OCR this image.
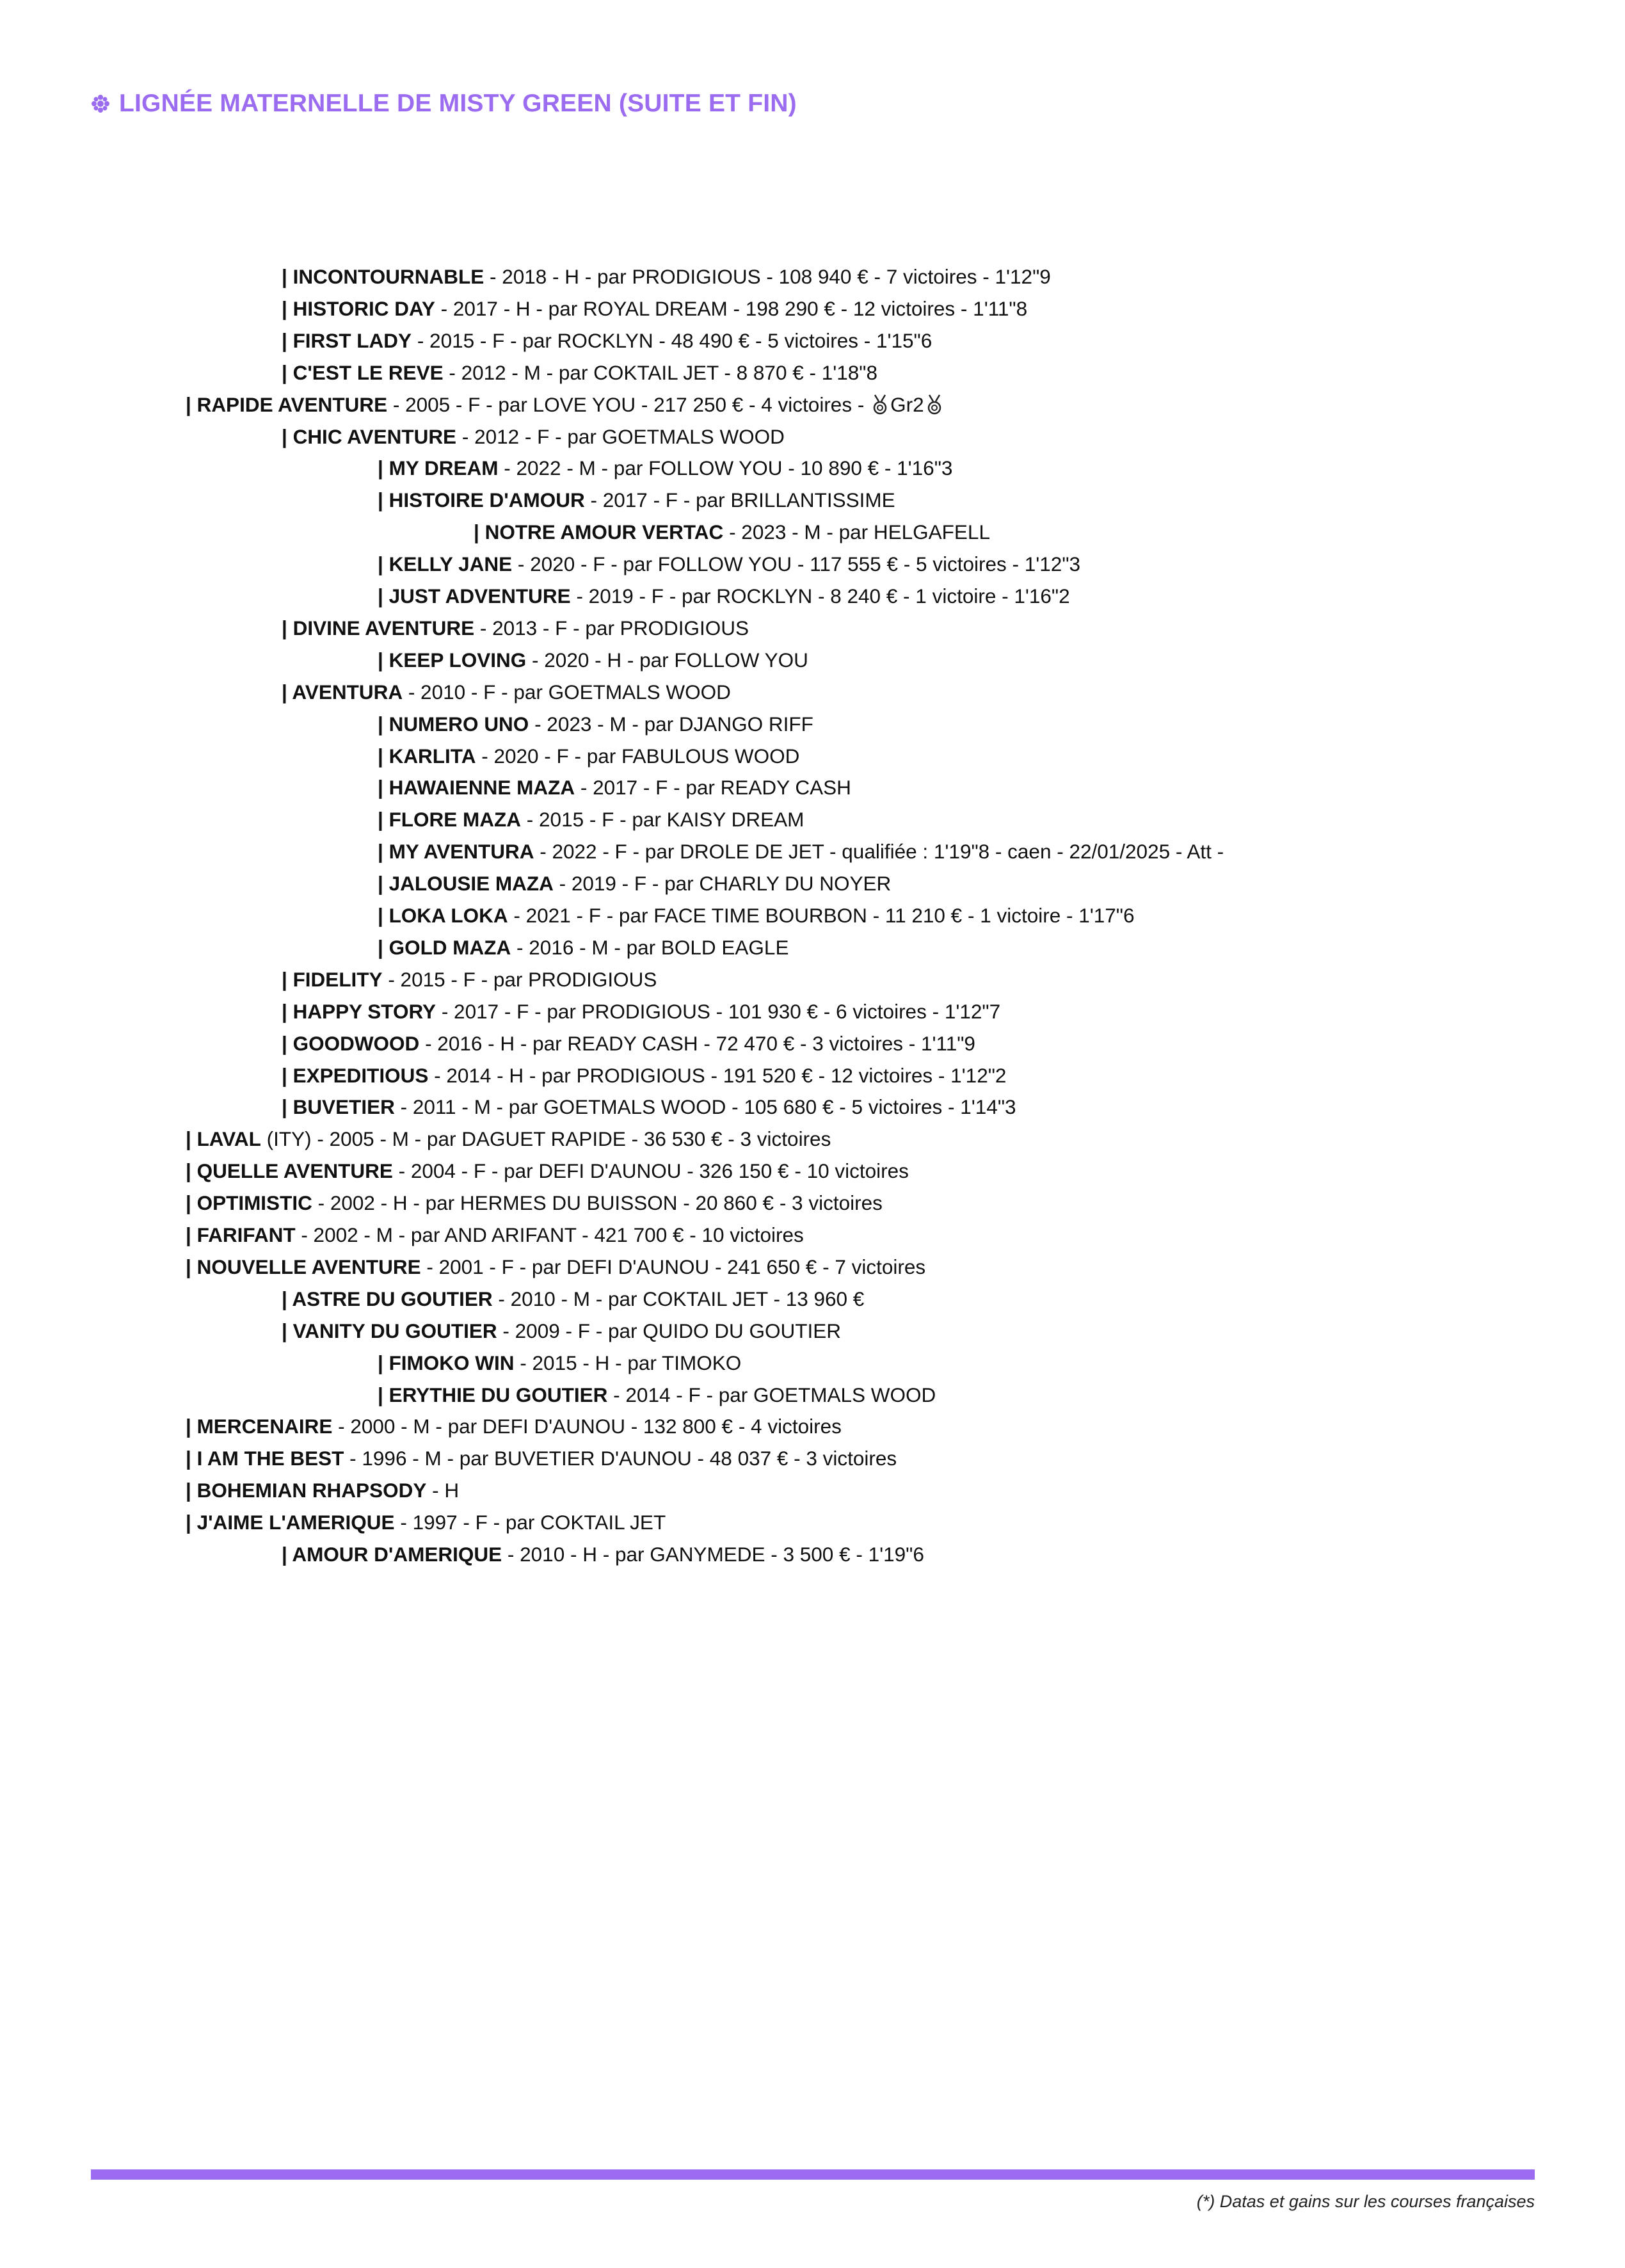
LIGNÉE MATERNELLE DE MISTY GREEN (SUITE ET FIN)
| INCONTOURNABLE - 2018 - H - par PRODIGIOUS - 108 940 € - 7 victoires - 1'12"9
| HISTORIC DAY - 2017 - H - par ROYAL DREAM - 198 290 € - 12 victoires - 1'11"8
| FIRST LADY - 2015 - F - par ROCKLYN - 48 490 € - 5 victoires - 1'15"6
| C'EST LE REVE - 2012 - M - par COKTAIL JET - 8 870 € - 1'18"8
| RAPIDE AVENTURE - 2005 - F - par LOVE YOU - 217 250 € - 4 victoires - Gr2
| CHIC AVENTURE - 2012 - F - par GOETMALS WOOD
| MY DREAM - 2022 - M - par FOLLOW YOU - 10 890 € - 1'16"3
| HISTOIRE D'AMOUR - 2017 - F - par BRILLANTISSIME
| NOTRE AMOUR VERTAC - 2023 - M - par HELGAFELL
| KELLY JANE - 2020 - F - par FOLLOW YOU - 117 555 € - 5 victoires - 1'12"3
| JUST ADVENTURE - 2019 - F - par ROCKLYN - 8 240 € - 1 victoire - 1'16"2
| DIVINE AVENTURE - 2013 - F - par PRODIGIOUS
| KEEP LOVING - 2020 - H - par FOLLOW YOU
| AVENTURA - 2010 - F - par GOETMALS WOOD
| NUMERO UNO - 2023 - M - par DJANGO RIFF
| KARLITA - 2020 - F - par FABULOUS WOOD
| HAWAIENNE MAZA - 2017 - F - par READY CASH
| FLORE MAZA - 2015 - F - par KAISY DREAM
| MY AVENTURA - 2022 - F - par DROLE DE JET - qualifiée : 1'19"8 - caen - 22/01/2025 - Att -
| JALOUSIE MAZA - 2019 - F - par CHARLY DU NOYER
| LOKA LOKA - 2021 - F - par FACE TIME BOURBON - 11 210 € - 1 victoire - 1'17"6
| GOLD MAZA - 2016 - M - par BOLD EAGLE
| FIDELITY - 2015 - F - par PRODIGIOUS
| HAPPY STORY - 2017 - F - par PRODIGIOUS - 101 930 € - 6 victoires - 1'12"7
| GOODWOOD - 2016 - H - par READY CASH - 72 470 € - 3 victoires - 1'11"9
| EXPEDITIOUS - 2014 - H - par PRODIGIOUS - 191 520 € - 12 victoires - 1'12"2
| BUVETIER - 2011 - M - par GOETMALS WOOD - 105 680 € - 5 victoires - 1'14"3
| LAVAL (ITY) - 2005 - M - par DAGUET RAPIDE - 36 530 € - 3 victoires
| QUELLE AVENTURE - 2004 - F - par DEFI D'AUNOU - 326 150 € - 10 victoires
| OPTIMISTIC - 2002 - H - par HERMES DU BUISSON - 20 860 € - 3 victoires
| FARIFANT - 2002 - M - par AND ARIFANT - 421 700 € - 10 victoires
| NOUVELLE AVENTURE - 2001 - F - par DEFI D'AUNOU - 241 650 € - 7 victoires
| ASTRE DU GOUTIER - 2010 - M - par COKTAIL JET - 13 960 €
| VANITY DU GOUTIER - 2009 - F - par QUIDO DU GOUTIER
| FIMOKO WIN - 2015 - H - par TIMOKO
| ERYTHIE DU GOUTIER - 2014 - F - par GOETMALS WOOD
| MERCENAIRE - 2000 - M - par DEFI D'AUNOU - 132 800 € - 4 victoires
| I AM THE BEST - 1996 - M - par BUVETIER D'AUNOU - 48 037 € - 3 victoires
| BOHEMIAN RHAPSODY - H
| J'AIME L'AMERIQUE - 1997 - F - par COKTAIL JET
| AMOUR D'AMERIQUE - 2010 - H - par GANYMEDE - 3 500 € - 1'19"6
(*) Datas et gains sur les courses françaises
